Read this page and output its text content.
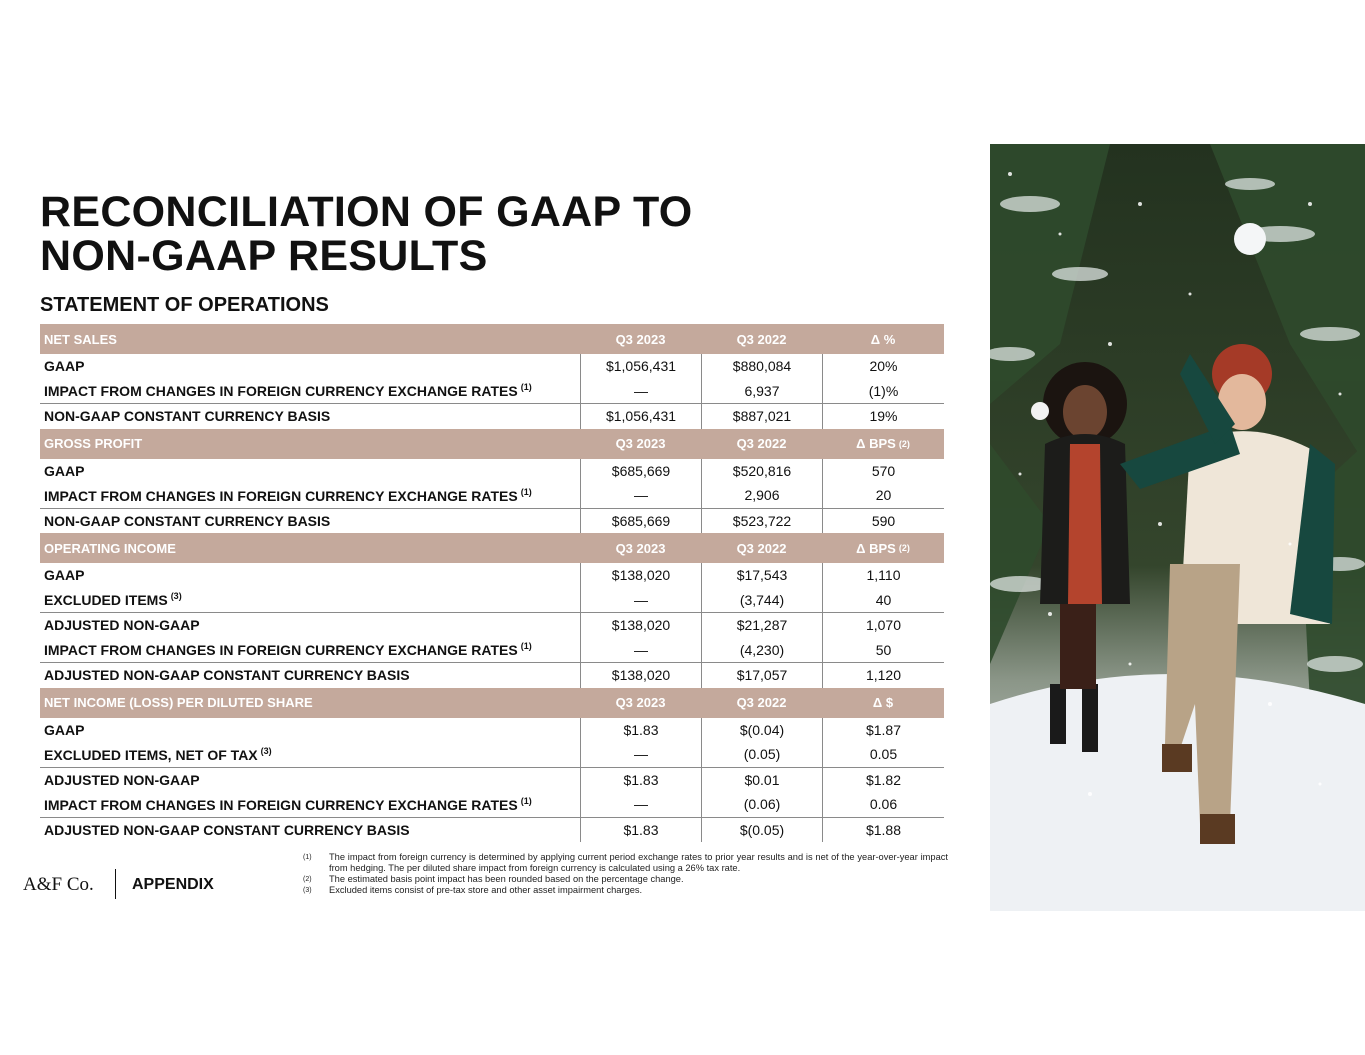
RECONCILIATION OF GAAP TO
NON-GAAP RESULTS
STATEMENT OF OPERATIONS
NET SALES	Q3 2023	Q3 2022	Δ %
GAAP	$1,056,431	$880,084	20%
IMPACT FROM CHANGES IN FOREIGN CURRENCY EXCHANGE RATES $^{(1)}$	—	6,937	(1)%
NON-GAAP CONSTANT CURRENCY BASIS	$1,056,431	$887,021	19%
GROSS PROFIT	Q3 2023	Q3 2022	Δ BPS (2)
GAAP	$685,669	$520,816	570
IMPACT FROM CHANGES IN FOREIGN CURRENCY EXCHANGE RATES $^{(1)}$	—	2,906	20
NON-GAAP CONSTANT CURRENCY BASIS	$685,669	$523,722	590
OPERATING INCOME	Q3 2023	Q3 2022	Δ BPS (2)
GAAP	$138,020	$17,543	1,110
EXCLUDED ITEMS $^{(3)}$	—	(3,744)	40
ADJUSTED NON-GAAP	$138,020	$21,287	1,070
IMPACT FROM CHANGES IN FOREIGN CURRENCY EXCHANGE RATES $^{(1)}$	—	(4,230)	50
ADJUSTED NON-GAAP CONSTANT CURRENCY BASIS	$138,020	$17,057	1,120
NET INCOME (LOSS) PER DILUTED SHARE	Q3 2023	Q3 2022	Δ $
GAAP	$1.83	$(0.04)	$1.87
EXCLUDED ITEMS, NET OF TAX $^{(3)}$	—	(0.05)	0.05
ADJUSTED NON-GAAP	$1.83	$0.01	$1.82
IMPACT FROM CHANGES IN FOREIGN CURRENCY EXCHANGE RATES $^{(1)}$	—	(0.06)	0.06
ADJUSTED NON-GAAP CONSTANT CURRENCY BASIS	$1.83	$(0.05)	$1.88
(1)	The impact from foreign currency is determined by applying current period exchange rates to prior year results and is net of the year-over-year impact from hedging. The per diluted share impact from foreign currency is calculated using a 26% tax rate.
(2)	The estimated basis point impact has been rounded based on the percentage change.
(3)	Excluded items consist of pre-tax store and other asset impairment charges.
A&F Co. APPENDIX
